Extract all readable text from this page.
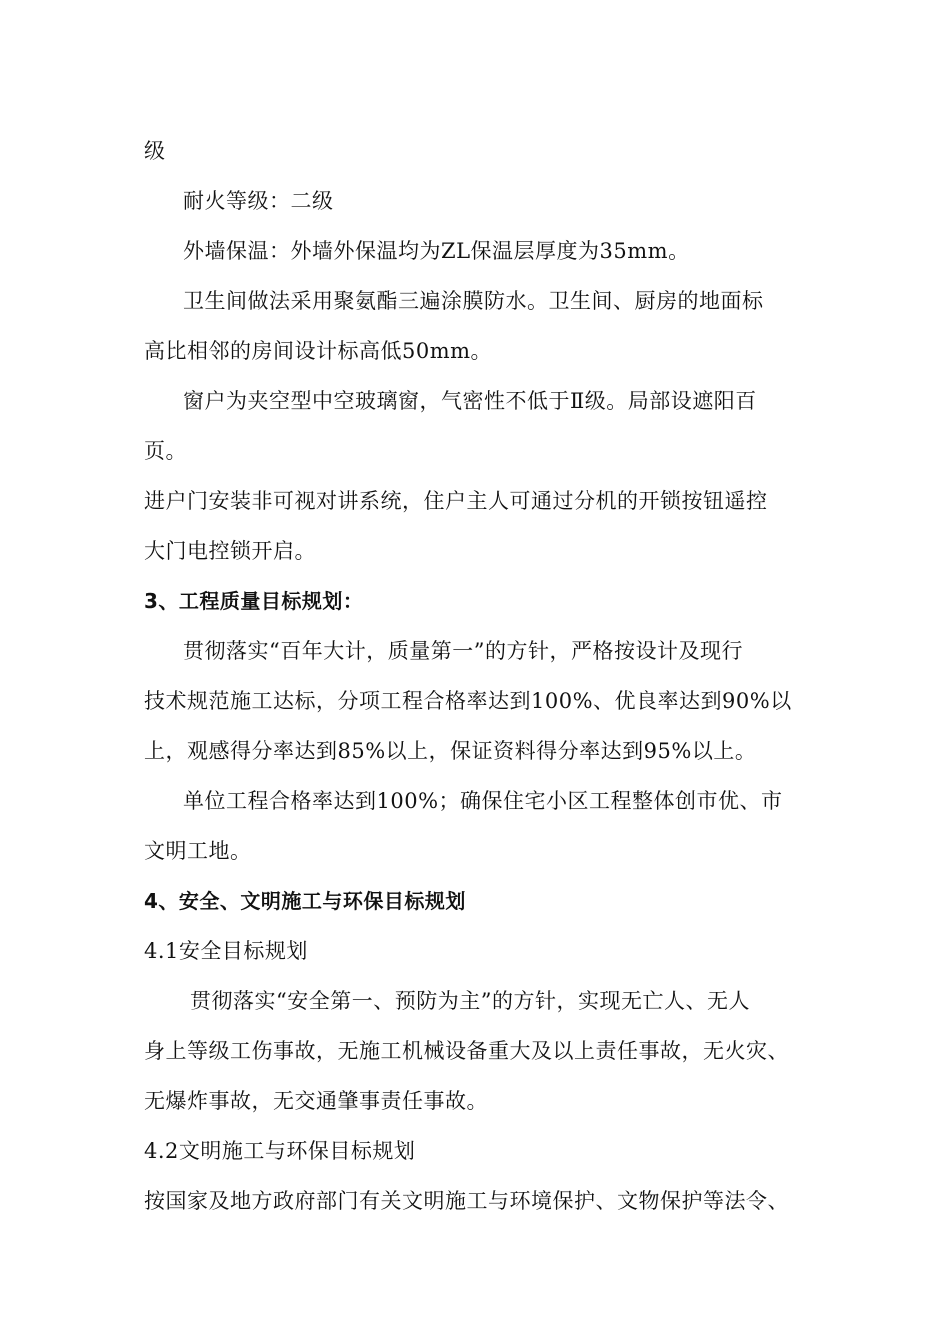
级
耐火等级：二级
外墙保温：外墙外保温均为ZL保温层厚度为35mm。
卫生间做法采用聚氨酯三遍涂膜防水。卫生间、厨房的地面标
高比相邻的房间设计标高低50mm。
窗户为夹空型中空玻璃窗，气密性不低于Ⅱ级。局部设遮阳百
页。
进户门安装非可视对讲系统，住户主人可通过分机的开锁按钮遥控
大门电控锁开启。
3、工程质量目标规划：
贯彻落实“百年大计，质量第一”的方针，严格按设计及现行
技术规范施工达标，分项工程合格率达到100%、优良率达到90%以
上，观感得分率达到85%以上，保证资料得分率达到95%以上。
单位工程合格率达到100%；确保住宅小区工程整体创市优、市
文明工地。
4、安全、文明施工与环保目标规划
4.1安全目标规划
贯彻落实“安全第一、预防为主”的方针，实现无亡人、无人
身上等级工伤事故，无施工机械设备重大及以上责任事故，无火灾、
无爆炸事故，无交通肇事责任事故。
4.2文明施工与环保目标规划
按国家及地方政府部门有关文明施工与环境保护、文物保护等法令、
